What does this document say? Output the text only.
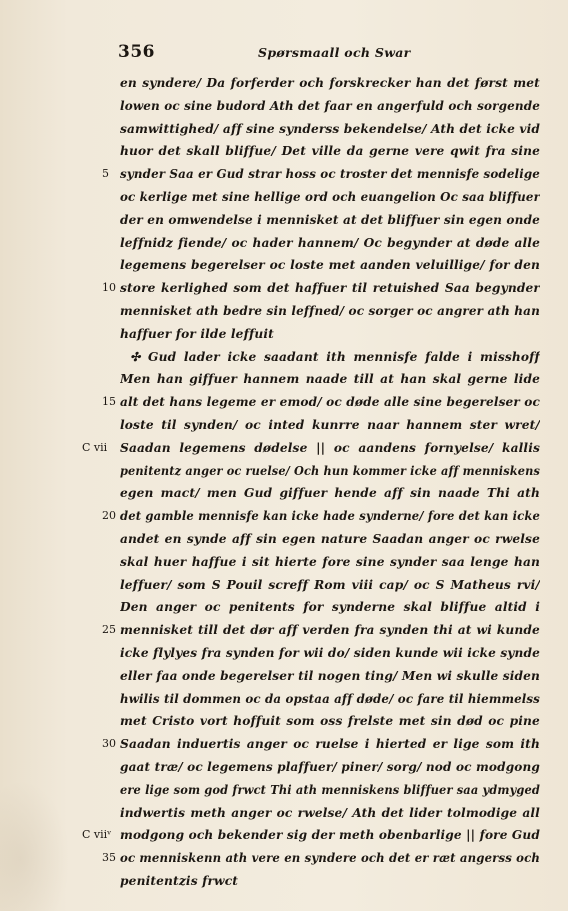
356	Spørsmaall och Swar
en syndere/ Da forferder och forskrecker han det først met
lowen oc sine budord Ath det faar en angerfuld och sorgende
samwittighed/ aff sine synderss bekendelse/ Ath det icke vid
huor det skall bliffue/ Det ville da gerne vere qwit fra sine
5 synder Saa er Gud strar hoss oc troster det mennisfe sodelige
oc kerlige met sine hellige ord och euangelion Oc saa bliffuer
der en omwendelse i mennisket at det bliffuer sin egen onde
leffnidz fiende/ oc hader hannem/ Oc begynder at døde alle
legemens begerelser oc loste met aanden veluillige/ for den
10 store kerlighed som det haffuer til retuished Saa begynder
mennisket ath bedre sin leffned/ oc sorger oc angrer ath han
haffuer for ilde leffuit
✣ Gud lader icke saadant ith mennisfe falde i misshoff
Men han giffuer hannem naade till at han skal gerne lide
15 alt det hans legeme er emod/ oc døde alle sine begerelser oc
loste til synden/ oc inted kunrre naar hannem ster wret/
C vii Saadan legemens dødelse || oc aandens fornyelse/ kallis
penitentz anger oc ruelse/ Och hun kommer icke aff menniskens
egen mact/ men Gud giffuer hende aff sin naade Thi ath
20 det gamble mennisfe kan icke hade synderne/ fore det kan icke
andet en synde aff sin egen nature Saadan anger oc rwelse
skal huer haffue i sit hierte fore sine synder saa lenge han
leffuer/ som S Pouil screff Rom viii cap/ oc S Matheus rvi/
Den anger oc penitents for synderne skal bliffue altid i
25 mennisket till det dør aff verden fra synden thi at wi kunde
icke flylyes fra synden for wii do/ siden kunde wii icke synde
eller faa onde begerelser til nogen ting/ Men wi skulle siden
hwilis til dommen oc da opstaa aff døde/ oc fare til hiemmelss
met Cristo vort hoffuit som oss frelste met sin død oc pine
30 Saadan induertis anger oc ruelse i hierted er lige som ith
gaat træ/ oc legemens plaffuer/ piner/ sorg/ nod oc modgong
ere lige som god frwct Thi ath menniskens bliffuer saa ydmyged
indwertis meth anger oc rwelse/ Ath det lider tolmodige all
C viiᵛ modgong och bekender sig der meth obenbarlige || fore Gud
35 oc menniskenn ath vere en syndere och det er ræt angerss och
penitentzis frwct
